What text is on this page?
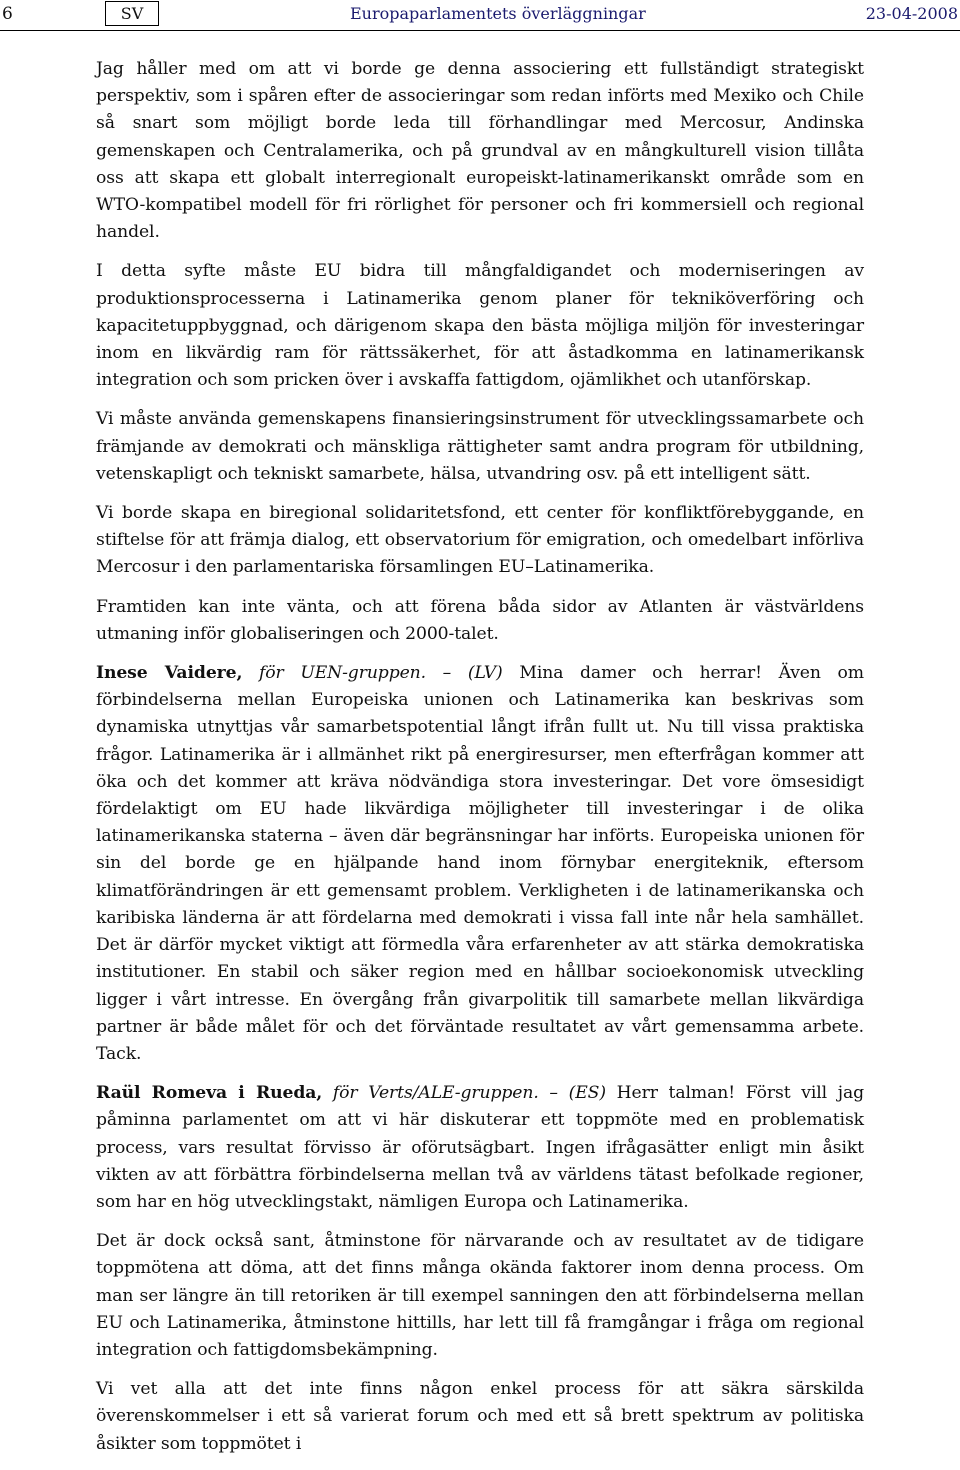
6	SV	Europaparlamentets överläggningar	23-04-2008

Jag håller med om att vi borde ge denna associering ett fullständigt strategiskt perspektiv, som i spåren efter de associeringar som redan införts med Mexiko och Chile så snart som möjligt borde leda till förhandlingar med Mercosur, Andinska gemenskapen och Centralamerika, och på grundval av en mångkulturell vision tillåta oss att skapa ett globalt interregionalt europeiskt-latinamerikanskt område som en WTO-kompatibel modell för fri rörlighet för personer och fri kommersiell och regional handel.

I detta syfte måste EU bidra till mångfaldigandet och moderniseringen av produktionsprocesserna i Latinamerika genom planer för tekniköverföring och kapacitetuppbyggnad, och därigenom skapa den bästa möjliga miljön för investeringar inom en likvärdig ram för rättssäkerhet, för att åstadkomma en latinamerikansk integration och som pricken över i avskaffa fattigdom, ojämlikhet och utanförskap.

Vi måste använda gemenskapens finansieringsinstrument för utvecklingssamarbete och främjande av demokrati och mänskliga rättigheter samt andra program för utbildning, vetenskapligt och tekniskt samarbete, hälsa, utvandring osv. på ett intelligent sätt.

Vi borde skapa en biregional solidaritetsfond, ett center för konfliktförebyggande, en stiftelse för att främja dialog, ett observatorium för emigration, och omedelbart införliva Mercosur i den parlamentariska församlingen EU–Latinamerika.

Framtiden kan inte vänta, och att förena båda sidor av Atlanten är västvärldens utmaning inför globaliseringen och 2000-talet.

Inese Vaidere, för UEN-gruppen. – (LV) Mina damer och herrar! Även om förbindelserna mellan Europeiska unionen och Latinamerika kan beskrivas som dynamiska utnyttjas vår samarbetspotential långt ifrån fullt ut. Nu till vissa praktiska frågor. Latinamerika är i allmänhet rikt på energiresurser, men efterfrågan kommer att öka och det kommer att kräva nödvändiga stora investeringar. Det vore ömsesidigt fördelaktigt om EU hade likvärdiga möjligheter till investeringar i de olika latinamerikanska staterna – även där begränsningar har införts. Europeiska unionen för sin del borde ge en hjälpande hand inom förnybar energiteknik, eftersom klimatförändringen är ett gemensamt problem. Verkligheten i de latinamerikanska och karibiska länderna är att fördelarna med demokrati i vissa fall inte når hela samhället. Det är därför mycket viktigt att förmedla våra erfarenheter av att stärka demokratiska institutioner. En stabil och säker region med en hållbar socioekonomisk utveckling ligger i vårt intresse. En övergång från givarpolitik till samarbete mellan likvärdiga partner är både målet för och det förväntade resultatet av vårt gemensamma arbete. Tack.

Raül Romeva i Rueda, för Verts/ALE-gruppen. – (ES) Herr talman! Först vill jag påminna parlamentet om att vi här diskuterar ett toppmöte med en problematisk process, vars resultat förvisso är oförutsägbart. Ingen ifrågasätter enligt min åsikt vikten av att förbättra förbindelserna mellan två av världens tätast befolkade regioner, som har en hög utvecklingstakt, nämligen Europa och Latinamerika.

Det är dock också sant, åtminstone för närvarande och av resultatet av de tidigare toppmötena att döma, att det finns många okända faktorer inom denna process. Om man ser längre än till retoriken är till exempel sanningen den att förbindelserna mellan EU och Latinamerika, åtminstone hittills, har lett till få framgångar i fråga om regional integration och fattigdomsbekämpning.

Vi vet alla att det inte finns någon enkel process för att säkra särskilda överenskommelser i ett så varierat forum och med ett så brett spektrum av politiska åsikter som toppmötet i
